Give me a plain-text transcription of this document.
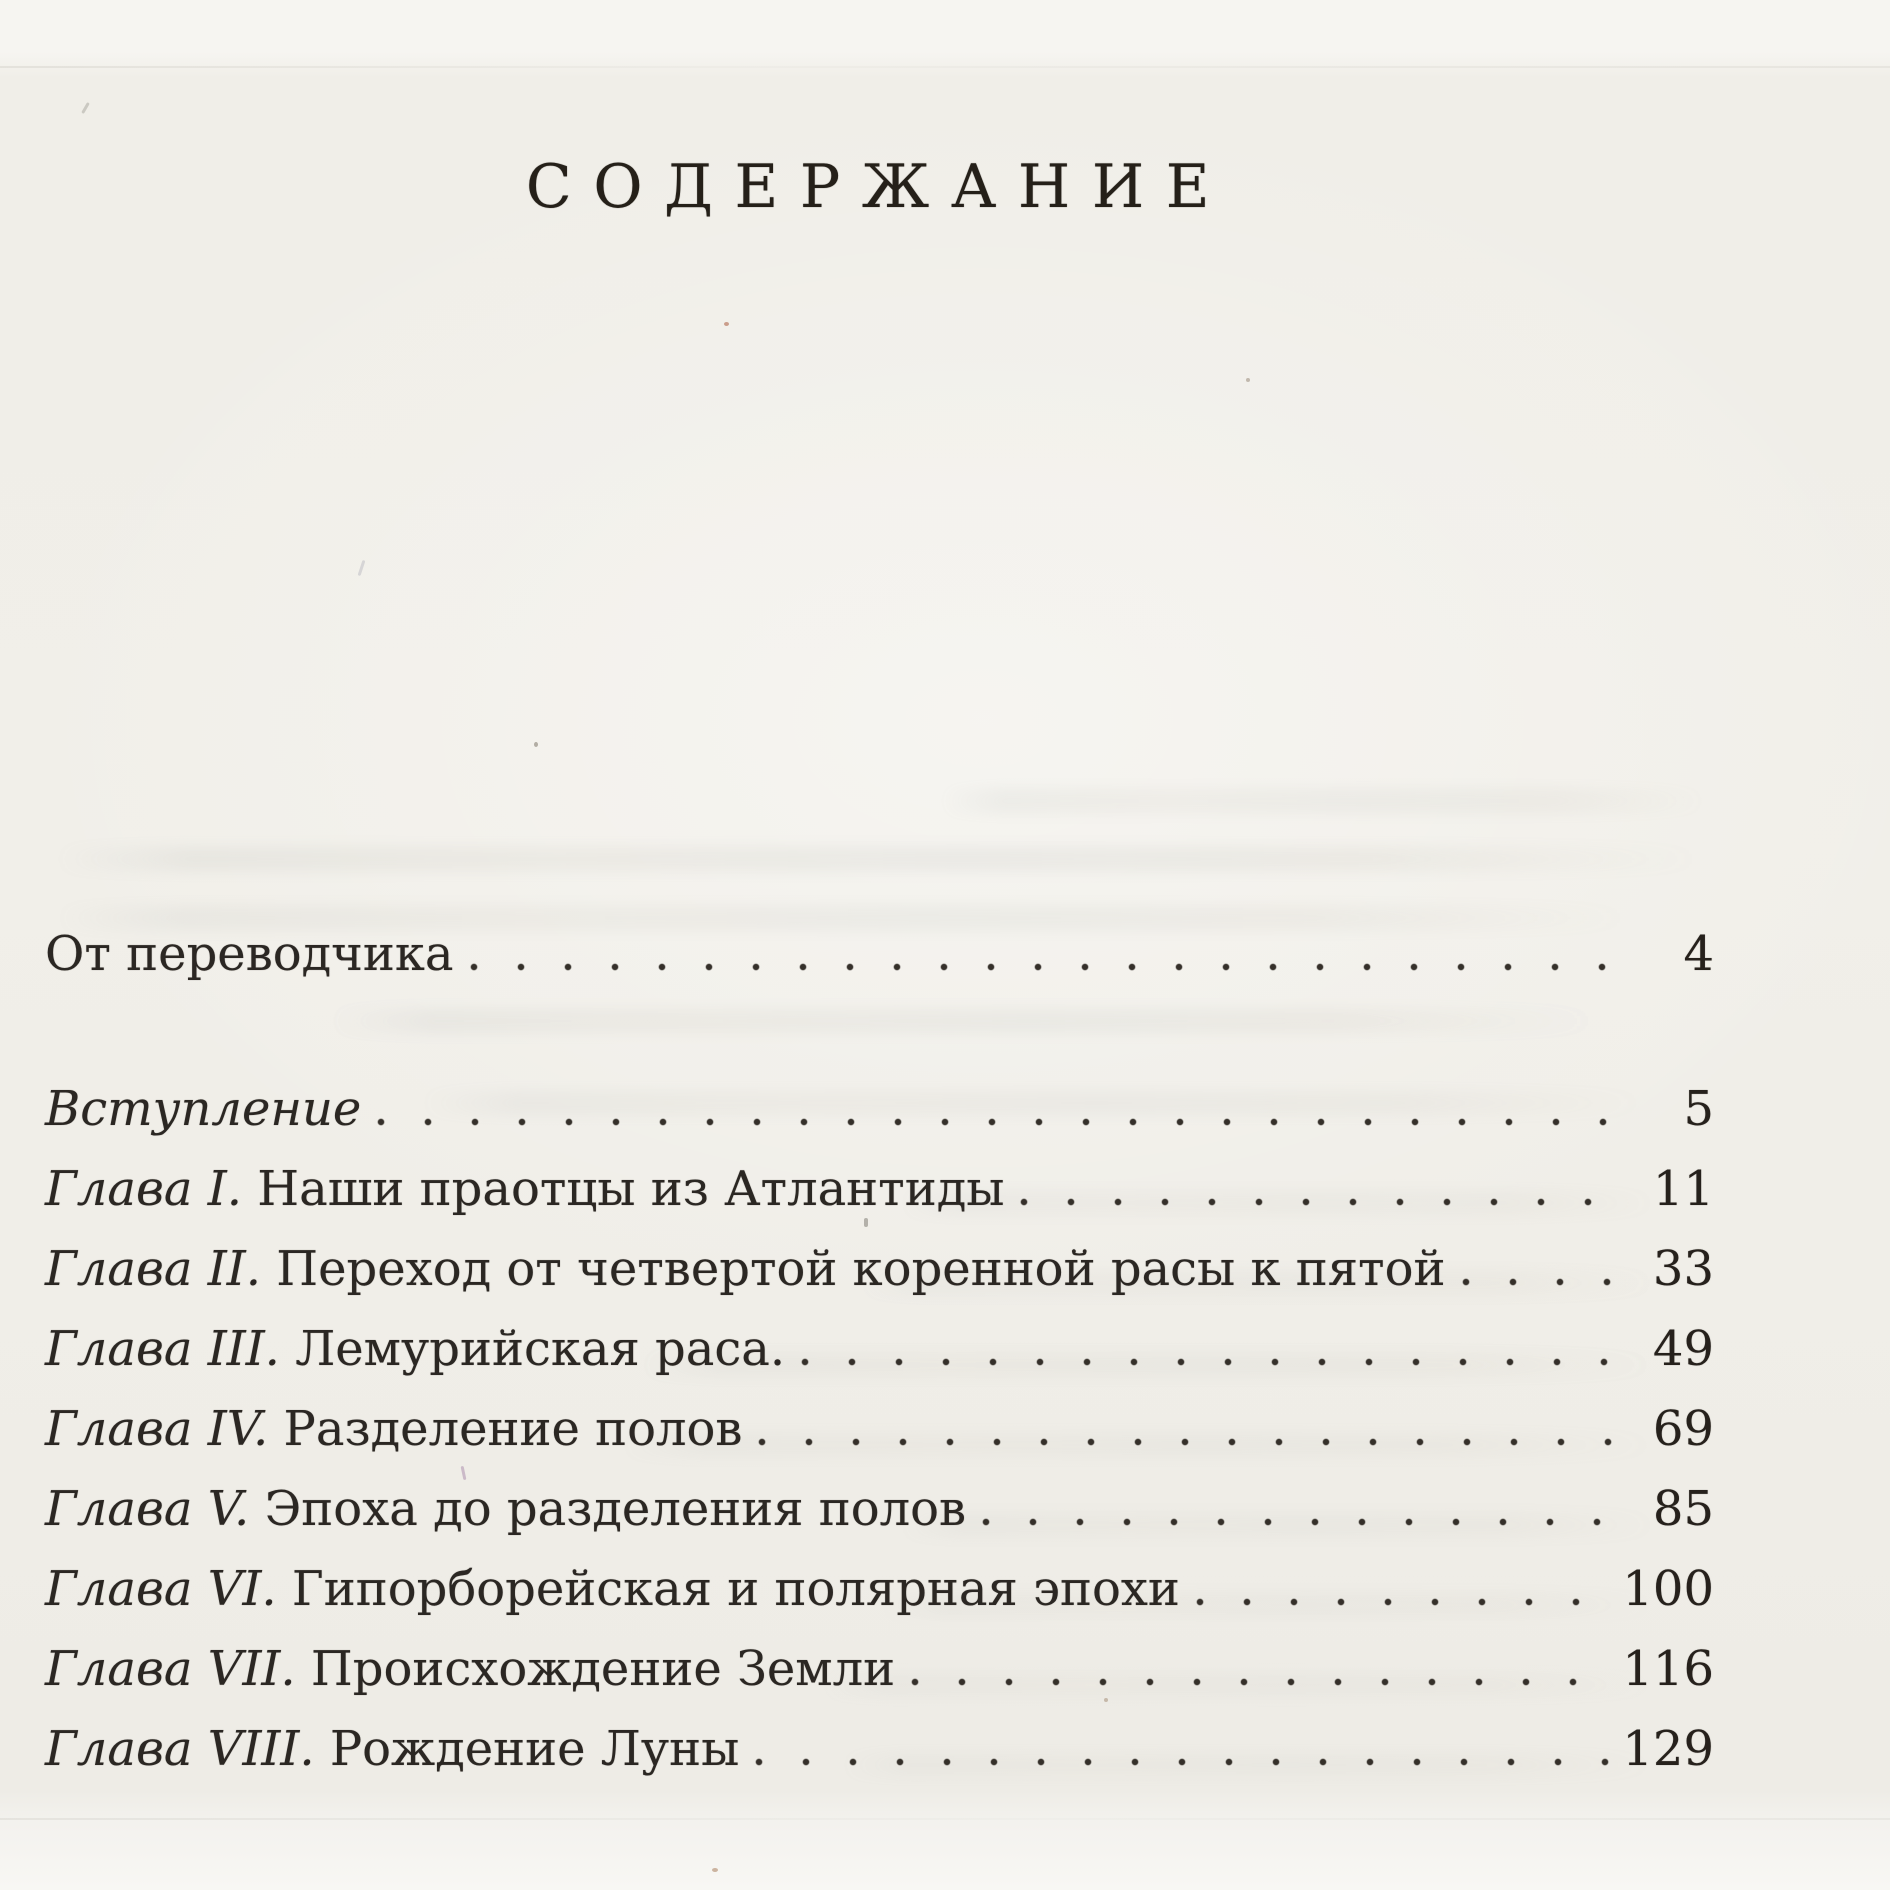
СОДЕРЖАНИЕ
От переводчика	4
Вступление	5
Глава I. Наши праотцы из Атлантиды	11
Глава II. Переход от четвертой коренной расы к пятой	33
Глава III. Лемурийская раса.	49
Глава IV. Разделение полов	69
Глава V. Эпоха до разделения полов	85
Глава VI. Гипорборейская и полярная эпохи	100
Глава VII. Происхождение Земли	116
Глава VIII. Рождение Луны	129
